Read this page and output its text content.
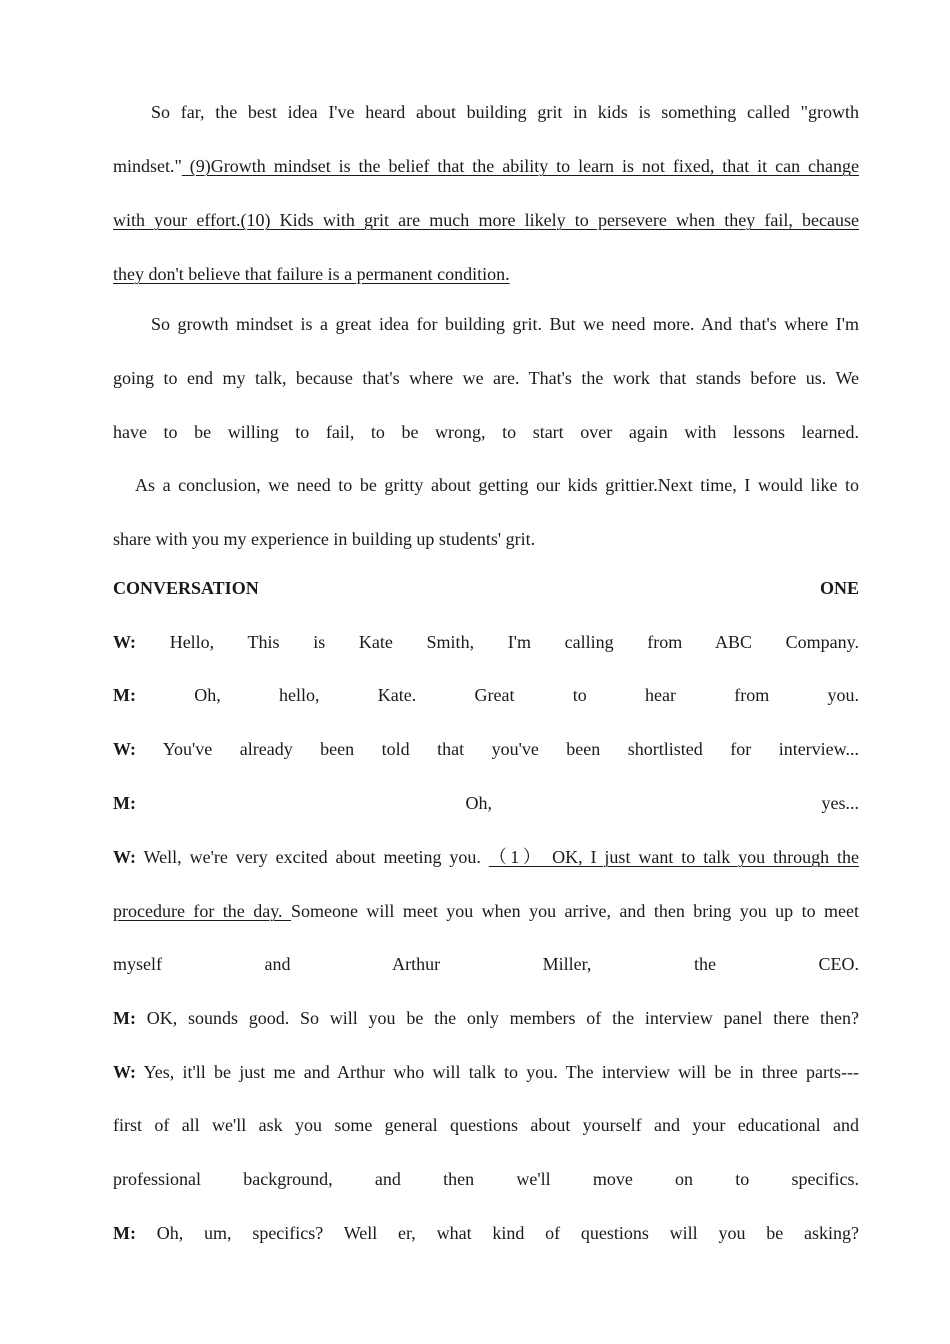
So far, the best idea I've heard about building grit in kids is something called "growth
mindset." (9)Growth mindset is the belief that the ability to learn is not fixed, that it can change
with your effort.(10) Kids with grit are much more likely to persevere when they fail, because
they don't believe that failure is a permanent condition.
So growth mindset is a great idea for building grit. But we need more. And that's where I'm
going to end my talk, because that's where we are. That's the work that stands before us. We
have to be willing to fail, to be wrong, to start over again with lessons learned.
As a conclusion, we need to be gritty about getting our kids grittier.Next time, I would like to
share with you my experience in building up students' grit.
CONVERSATION	ONE
W: Hello, This is Kate Smith, I'm calling from ABC Company.
M: Oh, hello, Kate. Great to hear from you.
W: You've already been told that you've been shortlisted for interview...
M: Oh, yes...
W: Well, we're very excited about meeting you. （1） OK, I just want to talk you through the
procedure for the day. Someone will meet you when you arrive, and then bring you up to meet
myself and Arthur Miller, the CEO.
M: OK, sounds good. So will you be the only members of the interview panel there then?
W: Yes, it'll be just me and Arthur who will talk to you. The interview will be in three parts---
first of all we'll ask you some general questions about yourself and your educational and
professional background, and then we'll move on to specifics.
M: Oh, um, specifics? Well er, what kind of questions will you be asking?
